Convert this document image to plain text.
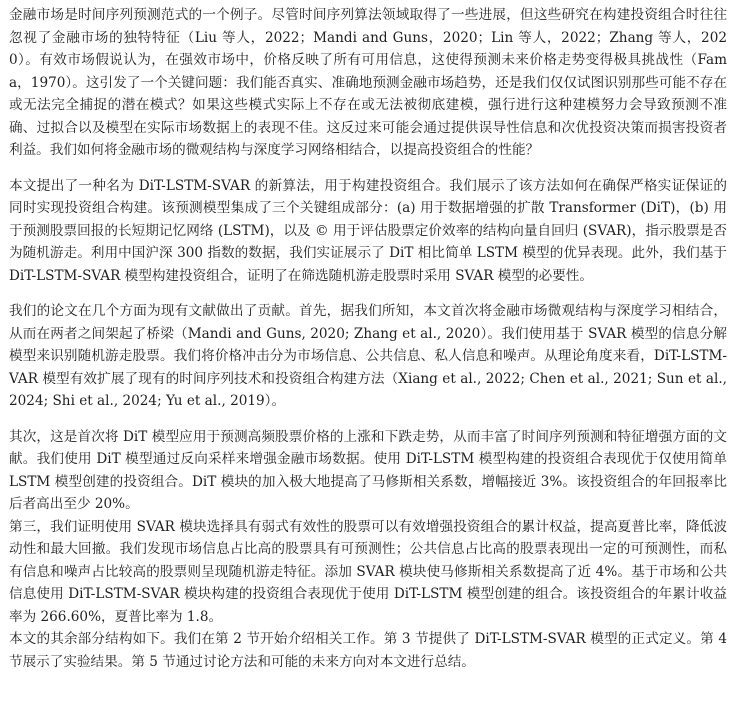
金融市场是时间序列预测范式的一个例子。尽管时间序列算法领域取得了一些进展，但这些研究在构建投资组合时往往忽视了金融市场的独特特征（Liu 等人，2022；Mandi and Guns，2020；Lin 等人，2022；Zhang 等人，2020）。有效市场假说认为，在强效市场中，价格反映了所有可用信息，这使得预测未来价格走势变得极具挑战性（Fama，1970）。这引发了一个关键问题：我们能否真实、准确地预测金融市场趋势，还是我们仅仅试图识别那些可能不存在或无法完全捕捉的潜在模式？如果这些模式实际上不存在或无法被彻底建模，强行进行这种建模努力会导致预测不准确、过拟合以及模型在实际市场数据上的表现不佳。这反过来可能会通过提供误导性信息和次优投资决策而损害投资者利益。我们如何将金融市场的微观结构与深度学习网络相结合，以提高投资组合的性能？

本文提出了一种名为 DiT-LSTM-SVAR 的新算法，用于构建投资组合。我们展示了该方法如何在确保严格实证保证的同时实现投资组合构建。该预测模型集成了三个关键组成部分：(a) 用于数据增强的扩散 Transformer (DiT)，(b) 用于预测股票回报的长短期记忆网络 (LSTM)，以及 © 用于评估股票定价效率的结构向量自回归 (SVAR)，指示股票是否为随机游走。利用中国沪深 300 指数的数据，我们实证展示了 DiT 相比简单 LSTM 模型的优异表现。此外，我们基于 DiT-LSTM-SVAR 模型构建投资组合，证明了在筛选随机游走股票时采用 SVAR 模型的必要性。

我们的论文在几个方面为现有文献做出了贡献。首先，据我们所知，本文首次将金融市场微观结构与深度学习相结合，从而在两者之间架起了桥梁（Mandi and Guns, 2020; Zhang et al., 2020）。我们使用基于 SVAR 模型的信息分解模型来识别随机游走股票。我们将价格冲击分为市场信息、公共信息、私人信息和噪声。从理论角度来看，DiT-LSTM-VAR 模型有效扩展了现有的时间序列技术和投资组合构建方法（Xiang et al., 2022; Chen et al., 2021; Sun et al., 2024; Shi et al., 2024; Yu et al., 2019）。

其次，这是首次将 DiT 模型应用于预测高频股票价格的上涨和下跌走势，从而丰富了时间序列预测和特征增强方面的文献。我们使用 DiT 模型通过反向采样来增强金融市场数据。使用 DiT-LSTM 模型构建的投资组合表现优于仅使用简单 LSTM 模型创建的投资组合。DiT 模块的加入极大地提高了马修斯相关系数，增幅接近 3%。该投资组合的年回报率比后者高出至少 20%。

第三，我们证明使用 SVAR 模块选择具有弱式有效性的股票可以有效增强投资组合的累计权益，提高夏普比率，降低波动性和最大回撤。我们发现市场信息占比高的股票具有可预测性；公共信息占比高的股票表现出一定的可预测性，而私有信息和噪声占比较高的股票则呈现随机游走特征。添加 SVAR 模块使马修斯相关系数提高了近 4%。基于市场和公共信息使用 DiT-LSTM-SVAR 模块构建的投资组合表现优于使用 DiT-LSTM 模型创建的组合。该投资组合的年累计收益率为 266.60%，夏普比率为 1.8。

本文的其余部分结构如下。我们在第 2 节开始介绍相关工作。第 3 节提供了 DiT-LSTM-SVAR 模型的正式定义。第 4 节展示了实验结果。第 5 节通过讨论方法和可能的未来方向对本文进行总结。
